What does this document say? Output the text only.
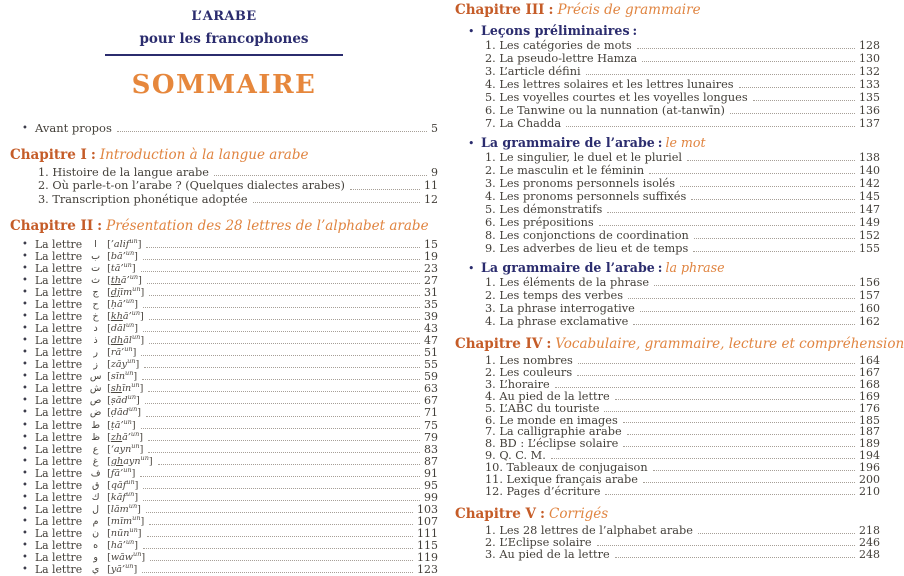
L’ARABE
pour les francophones
SOMMAIRE
• Avant propos	5
Chapitre I : Introduction à la langue arabe
1. Histoire de la langue arabe	9
2. Où parle-t-on l’arabe ? (Quelques dialectes arabes)	11
3. Transcription phonétique adoptée	12
Chapitre II : Présentation des 28 lettres de l’alphabet arabe
• La lettre	ا	[’alif$^{un}$]	15
• La lettre ب [bā’$^{un}$]	19
• La lettre ت [tā’$^{un}$]	23
• La lettre ث [thā’$^{un}$]	27
• La lettre	ج [djīm$^{un}$]	31
• La lettre	ح [ḥā’$^{un}$]	35
• La lettre	خ [khā’$^{un}$]	39
• La lettre	د [dāl$^{un}$]	43
• La lettre	ذ [dhāl$^{un}$]	47
• La lettre	ر [rā’$^{un}$]	51
• La lettre	ز [zāy$^{un}$]	55
• La lettre س [sīn$^{un}$]	59
• La lettre ش [shīn$^{un}$]	63
• La lettre ص [ṣād$^{un}$]	67
• La lettre ض [ḍād$^{un}$]	71
• La lettre ط [ṭā’$^{un}$]	75
• La lettre ظ [zhā’$^{un}$]	79
• La lettre	ع [‘ayn$^{un}$]	83
• La lettre	غ [ghayn$^{un}$]	87
• La lettre ف [fā’$^{un}$]	91
• La lettre ق [qāf$^{un}$]	95
• La lettre ك [kāf$^{un}$]	99
• La lettre	ل [lām$^{un}$]	103
• La lettre	م [mīm$^{un}$]	107
• La lettre	ن [nūn$^{un}$]	111
• La lettre	ه [hā’$^{un}$]	115
• La lettre	و [wāw$^{un}$]	119
• La lettre ي [yā’$^{un}$]	123
Chapitre III : Précis de grammaire
• Leçons préliminaires :
1. Les catégories de mots	128
2. La pseudo-lettre Hamza	130
3. L’article défini	132
4. Les lettres solaires et les lettres lunaires	133
5. Les voyelles courtes et les voyelles longues	135
6. Le Tanwine ou la nunnation (at-tanwīn)	136
7. La Chadda	137
• La grammaire de l’arabe : le mot
1. Le singulier, le duel et le pluriel	138
2. Le masculin et le féminin	140
3. Les pronoms personnels isolés	142
4. Les pronoms personnels suffixés	145
5. Les démonstratifs	147
6. Les prépositions	149
8. Les conjonctions de coordination	152
9. Les adverbes de lieu et de temps	155
• La grammaire de l’arabe : la phrase
1. Les éléments de la phrase	156
2. Les temps des verbes	157
3. La phrase interrogative	160
4. La phrase exclamative	162
Chapitre IV : Vocabulaire, grammaire, lecture et compréhension
1. Les nombres	164
2. Les couleurs	167
3. L’horaire	168
4. Au pied de la lettre	169
5. L’ABC du touriste	176
6. Le monde en images	185
7. La calligraphie arabe	187
8. BD : L’éclipse solaire	189
9. Q. C. M.	194
10. Tableaux de conjugaison	196
11. Lexique français arabe	200
12. Pages d’écriture	210
Chapitre V : Corrigés
1. Les 28 lettres de l’alphabet arabe	218
2. L’Eclipse solaire	246
3. Au pied de la lettre	248
